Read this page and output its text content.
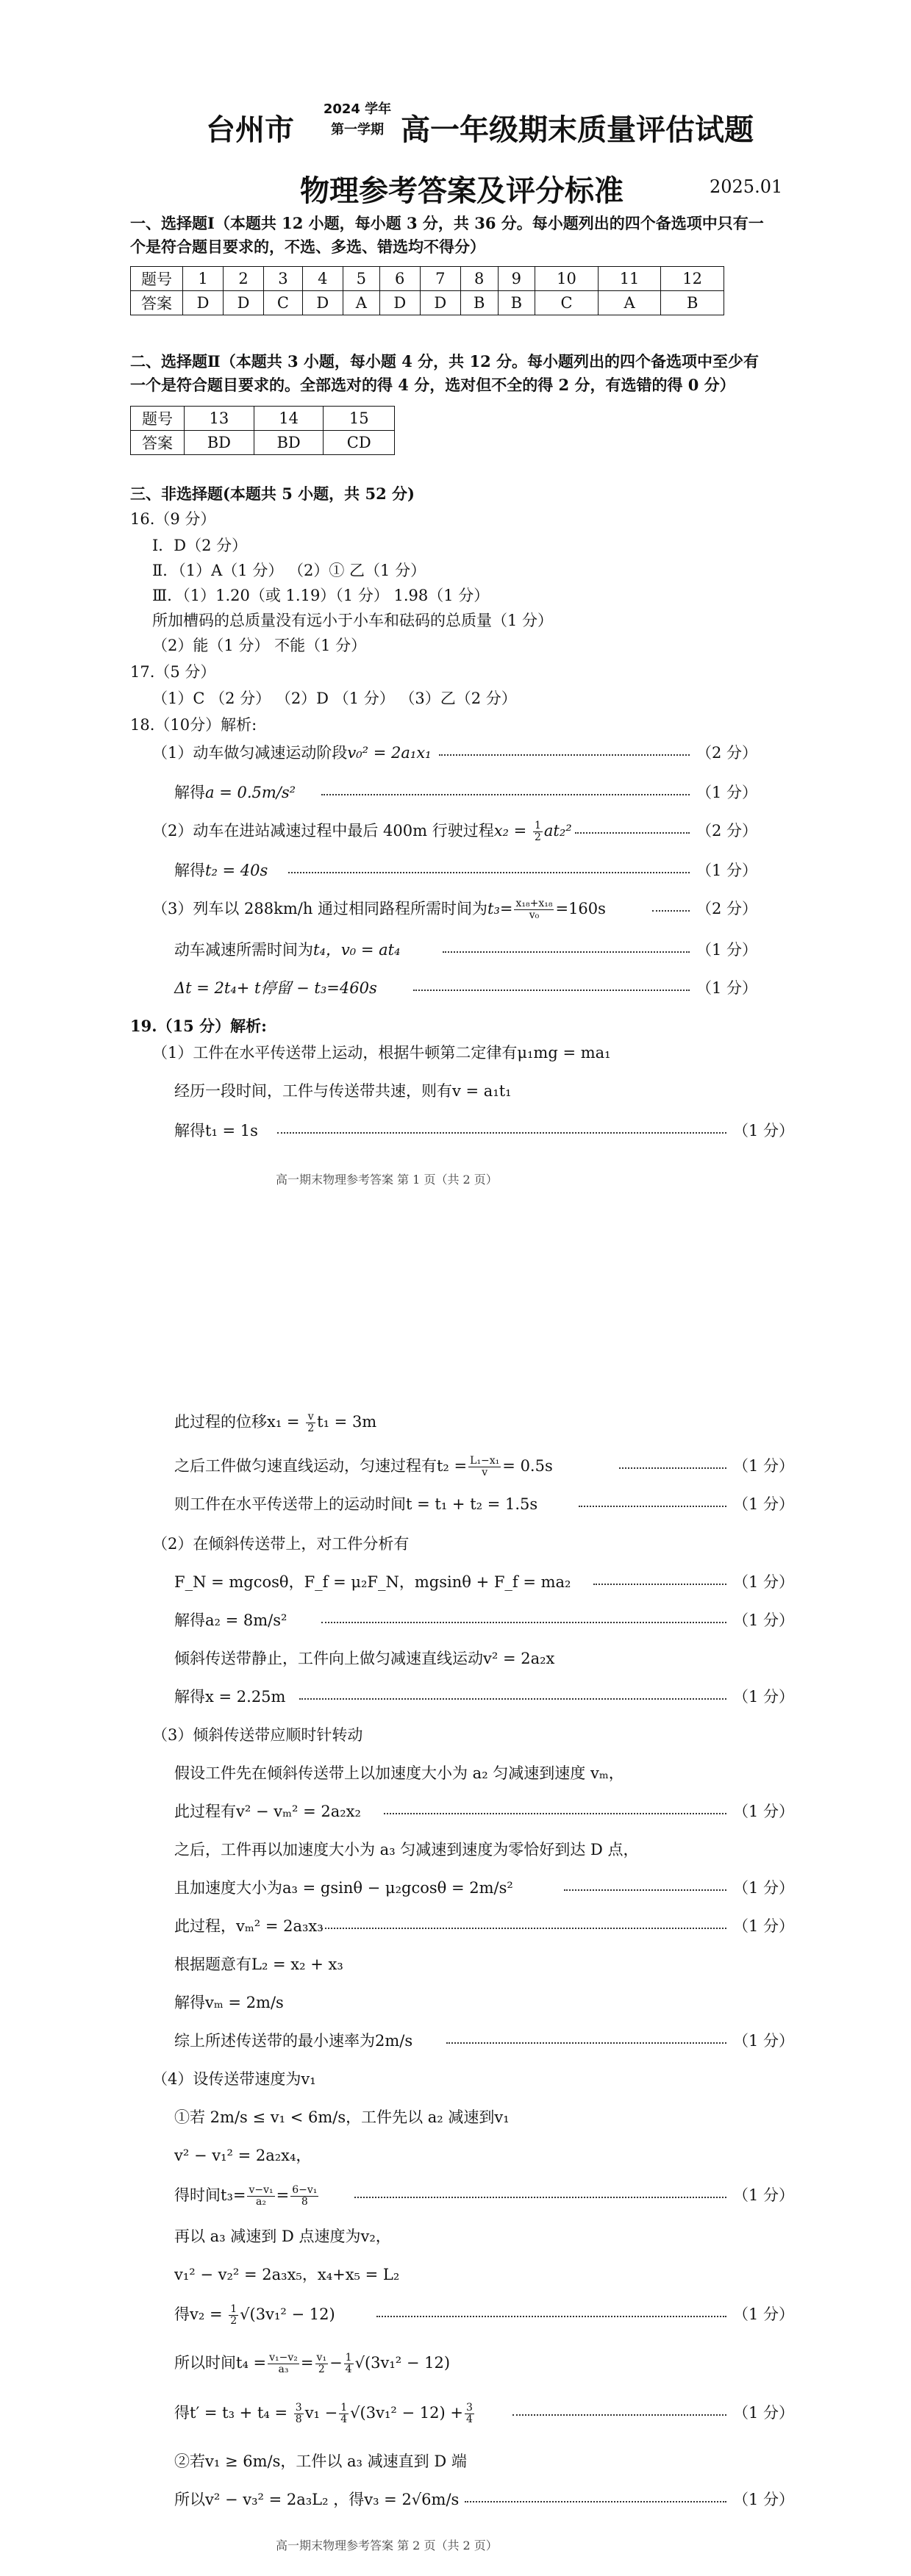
台州市
2024 学年
第一学期 高一年级期末质量评估试题
物理参考答案及评分标准	2025.01
一、选择题Ⅰ（本题共 12 小题，每小题 3 分，共 36 分。每小题列出的四个备选项中只有一
个是符合题目要求的，不选、多选、错选均不得分）
题号	1	2	3	4	5	6	7	8	9	10	11	12
答案	D	D	C	D	A	D	D	B	B	C	A	B
二、选择题Ⅱ（本题共 3 小题，每小题 4 分，共 12 分。每小题列出的四个备选项中至少有
一个是符合题目要求的。全部选对的得 4 分，选对但不全的得 2 分，有选错的得 0 分）
题号	13	14	15
答案	BD	BD	CD
三、非选择题(本题共 5 小题，共 52 分)
16.（9 分）
Ⅰ．D（2 分）
Ⅱ．（1）A（1 分） （2）① 乙（1 分）
Ⅲ．（1）1.20（或 1.19）（1 分） 1.98（1 分）
所加槽码的总质量没有远小于小车和砝码的总质量（1 分）
（2）能（1 分） 不能（1 分）
17.（5 分）
（1）C （2 分） （2）D （1 分） （3）乙（2 分）
18.（10分）解析:
（1）动车做匀减速运动阶段v₀² = 2a₁x₁	（2 分）
解得a = 0.5m/s²	（1 分）
（2）动车在进站减速过程中最后 400m 行驶过程$x_2 = \frac{1}{2} at_2^2$	（2 分）
解得t₂ = 40s	（1 分）
（3）列车以 288km/h 通过相同路程所需时间为$t_3= \frac{\text{x₁₈+x₁₈}}{\text{v₀}} =160s$	（2 分）
动车减速所需时间为t₄，v₀ = at₄	（1 分）
Δt = 2t₄+ t停留 − t₃=460s	（1 分）
19.（15 分）解析:
（1）工件在水平传送带上运动，根据牛顿第二定律有μ₁mg = ma₁
经历一段时间，工件与传送带共速，则有v = a₁t₁
解得t₁ = 1s	（1 分）
高一期末物理参考答案 第 1 页（共 2 页）
此过程的位移$x_1 = \frac{v}{2} t_1 = 3m$
之后工件做匀速直线运动，匀速过程有$t_2 = \frac{\text{L₁−x₁}}{v} = 0.5s$	（1 分）
则工件在水平传送带上的运动时间t = t₁ + t₂ = 1.5s	（1 分）
（2）在倾斜传送带上，对工件分析有
F_N = mgcosθ，F_f = μ₂F_N，mgsinθ + F_f = ma₂	（1 分）
解得a₂ = 8m/s²	（1 分）
倾斜传送带静止，工件向上做匀减速直线运动v² = 2a₂x
解得x = 2.25m	（1 分）
（3）倾斜传送带应顺时针转动
假设工件先在倾斜传送带上以加速度大小为 a₂ 匀减速到速度 vₘ，
此过程有v² − vₘ² = 2a₂x₂	（1 分）
之后，工件再以加速度大小为 a₃ 匀减速到速度为零恰好到达 D 点，
且加速度大小为a₃ = gsinθ − μ₂gcosθ = 2m/s²	（1 分）
此过程，vₘ² = 2a₃x₃	（1 分）
根据题意有L₂ = x₂ + x₃
解得vₘ = 2m/s
综上所述传送带的最小速率为2m/s	（1 分）
（4）设传送带速度为v₁
①若 2m/s ≤ v₁ < 6m/s，工件先以 a₂ 减速到v₁
v² − v₁² = 2a₂x₄，
得时间$t_3= \frac{\text{v−v₁}}{\text{a₂}} = \frac{\text{6−v₁}}{8}$	（1 分）
再以 a₃ 减速到 D 点速度为v₂，
v₁² − v₂² = 2a₃x₅，x₄+x₅ = L₂
得$v_2 = \frac{1}{2} √(3v_1^2 - 12)$	（1 分）
所以时间$t_4 = \frac{\text{v₁−v₂}}{\text{a₃}} = \frac{\text{v₁}}{2} - \frac{1}{4} √(3v_1^2 - 12)$
得$t' = t_3 + t_4 = \frac{3}{8} v_1 - \frac{1}{4} √(3v_1^2 - 12) + \frac{3}{4}$	（1 分）
②若v₁ ≥ 6m/s，工件以 a₃ 减速直到 D 端
所以v² − v₃² = 2a₃L₂ ，得v₃ = 2√6m/s	（1 分）
高一期末物理参考答案 第 2 页（共 2 页）
